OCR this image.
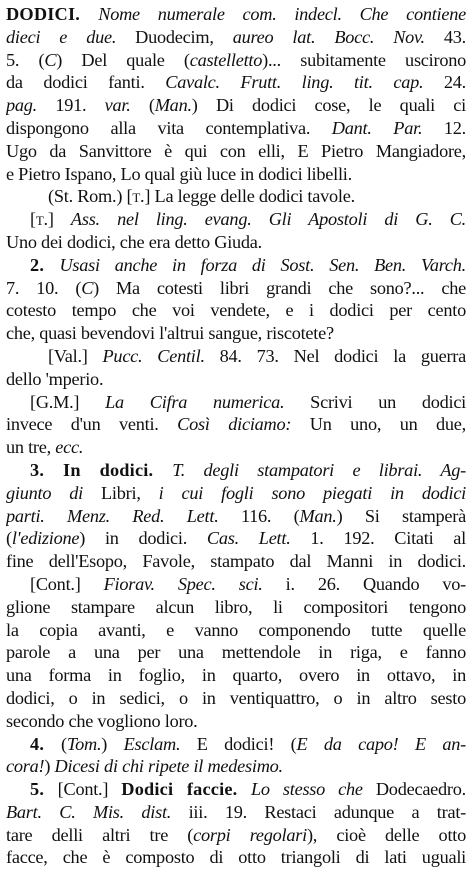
DODICI. Nome numerale com. indecl. Che contiene
dieci e due. Duodecim, aureo lat. Bocc. Nov. 43.
5. (C) Del quale (castelletto)... subitamente uscirono
da dodici fanti. Cavalc. Frutt. ling. tit. cap. 24.
pag. 191. var. (Man.) Di dodici cose, le quali ci
dispongono alla vita contemplativa. Dant. Par. 12.
Ugo da Sanvittore è qui con elli, E Pietro Mangiadore,
e Pietro Ispano, Lo qual giù luce in dodici libelli.
(St. Rom.) [t.] La legge delle dodici tavole.
[t.] Ass. nel ling. evang. Gli Apostoli di G. C.
Uno dei dodici, che era detto Giuda.
2. Usasi anche in forza di Sost. Sen. Ben. Varch.
7. 10. (C) Ma cotesti libri grandi che sono?... che
cotesto tempo che voi vendete, e i dodici per cento
che, quasi bevendovi l'altrui sangue, riscotete?
[Val.] Pucc. Centil. 84. 73. Nel dodici la guerra
dello 'mperio.
[G.M.] La Cifra numerica. Scrivi un dodici
invece d'un venti. Così diciamo: Un uno, un due,
un tre, ecc.
3. In dodici. T. degli stampatori e librai. Ag-
giunto di Libri, i cui fogli sono piegati in dodici
parti. Menz. Red. Lett. 116. (Man.) Si stamperà
(l'edizione) in dodici. Cas. Lett. 1. 192. Citati al
fine dell'Esopo, Favole, stampato dal Manni in dodici.
[Cont.] Fiorav. Spec. sci. i. 26. Quando vo-
glione stampare alcun libro, li compositori tengono
la copia avanti, e vanno componendo tutte quelle
parole a una per una mettendole in riga, e fanno
una forma in foglio, in quarto, overo in ottavo, in
dodici, o in sedici, o in ventiquattro, o in altro sesto
secondo che vogliono loro.
4. (Tom.) Esclam. E dodici! (E da capo! E an-
cora!) Dicesi di chi ripete il medesimo.
5. [Cont.] Dodici faccie. Lo stesso che Dodecaedro.
Bart. C. Mis. dist. iii. 19. Restaci adunque a trat-
tare delli altri tre (corpi regolari), cioè delle otto
facce, che è composto di otto triangoli di lati uguali
